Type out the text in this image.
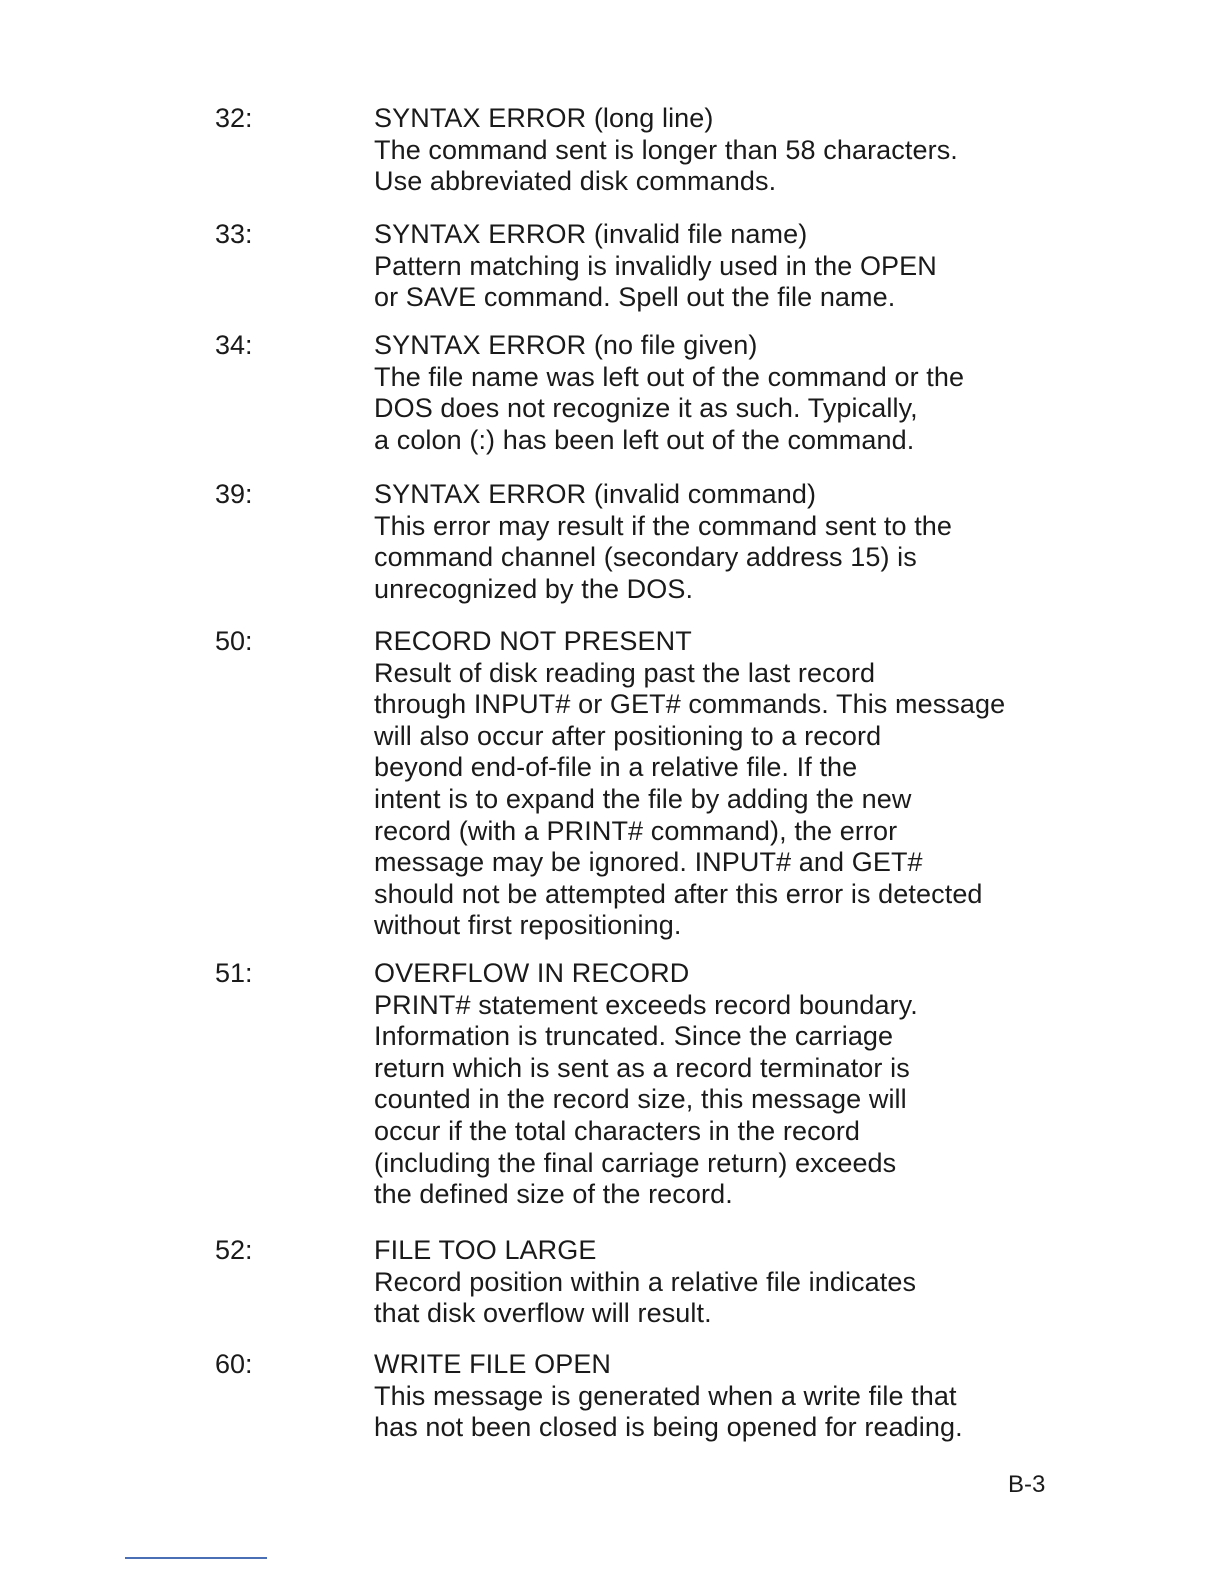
32:	SYNTAX ERROR (long line)
The command sent is longer than 58 characters.
Use abbreviated disk commands.
33:	SYNTAX ERROR (invalid file name)
Pattern matching is invalidly used in the OPEN
or SAVE command. Spell out the file name.
34:	SYNTAX ERROR (no file given)
The file name was left out of the command or the
DOS does not recognize it as such. Typically,
a colon (:) has been left out of the command.
39:	SYNTAX ERROR (invalid command)
This error may result if the command sent to the
command channel (secondary address 15) is
unrecognized by the DOS.
50:	RECORD NOT PRESENT
Result of disk reading past the last record
through INPUT# or GET# commands. This message
will also occur after positioning to a record
beyond end-of-file in a relative file. If the
intent is to expand the file by adding the new
record (with a PRINT# command), the error
message may be ignored. INPUT# and GET#
should not be attempted after this error is detected
without first repositioning.
51:	OVERFLOW IN RECORD
PRINT# statement exceeds record boundary.
Information is truncated. Since the carriage
return which is sent as a record terminator is
counted in the record size, this message will
occur if the total characters in the record
(including the final carriage return) exceeds
the defined size of the record.
52:	FILE TOO LARGE
Record position within a relative file indicates
that disk overflow will result.
60:	WRITE FILE OPEN
This message is generated when a write file that
has not been closed is being opened for reading.
B-3
